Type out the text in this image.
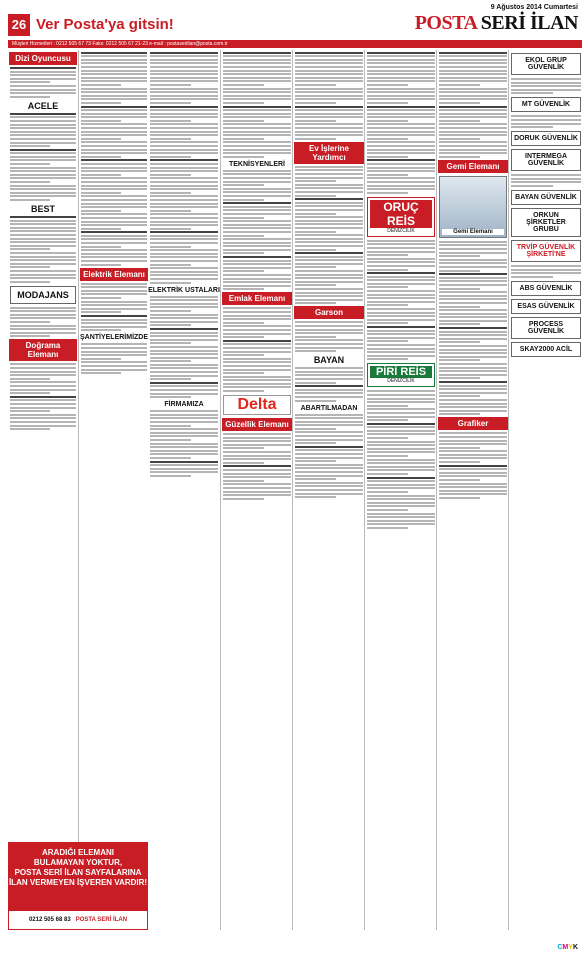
9 Ağustos 2014 Cumartesi
26 Ver Posta'ya gitsin!	POSTA SERİ İLAN
Müşteri Hizmetleri : 0212 505 67 73 Faks: 0212 505 67 21-23 e-mail : postaseriilan@posta.com.tr
Dizi Oyuncusu
ACELE
BEST
MODAJANS
Doğrama Elemanı
Elektrik Elemanı
ŞANTİYELERİMİZDE
ARADIĞI ELEMANI
BULAMAYAN YOKTUR,
POSTA SERİ İLAN SAYFALARINA
İLAN VERMEYEN İŞVEREN VARDIR!
0212 505 68 83 POSTA SERİ İLAN
ELEKTRİK USTALARI
FİRMAMIZA
TEKNİSYENLERİ
Emlak Elemanı
Delta
Güzellik Elemanı
Ev İşlerine Yardımcı
Garson
BAYAN
ABARTILMADAN
ORUÇ REİS
DENİZCİLİK
PİRİ REİS
DENİZCİLİK
Gemi Elemanı
Gemi Elemanı
Grafiker
EKOL GRUP GÜVENLİK
MT GÜVENLİK
DORUK GÜVENLİK
INTERMEGA GÜVENLİK
BAYAN GÜVENLİK
ORKUN ŞİRKETLER GRUBU
TRVİP GÜVENLİK ŞİRKETİ'NE
ABS GÜVENLİK
ESAS GÜVENLİK
PROCESS GÜVENLİK
SKAY2000 ACİL
CMYK
